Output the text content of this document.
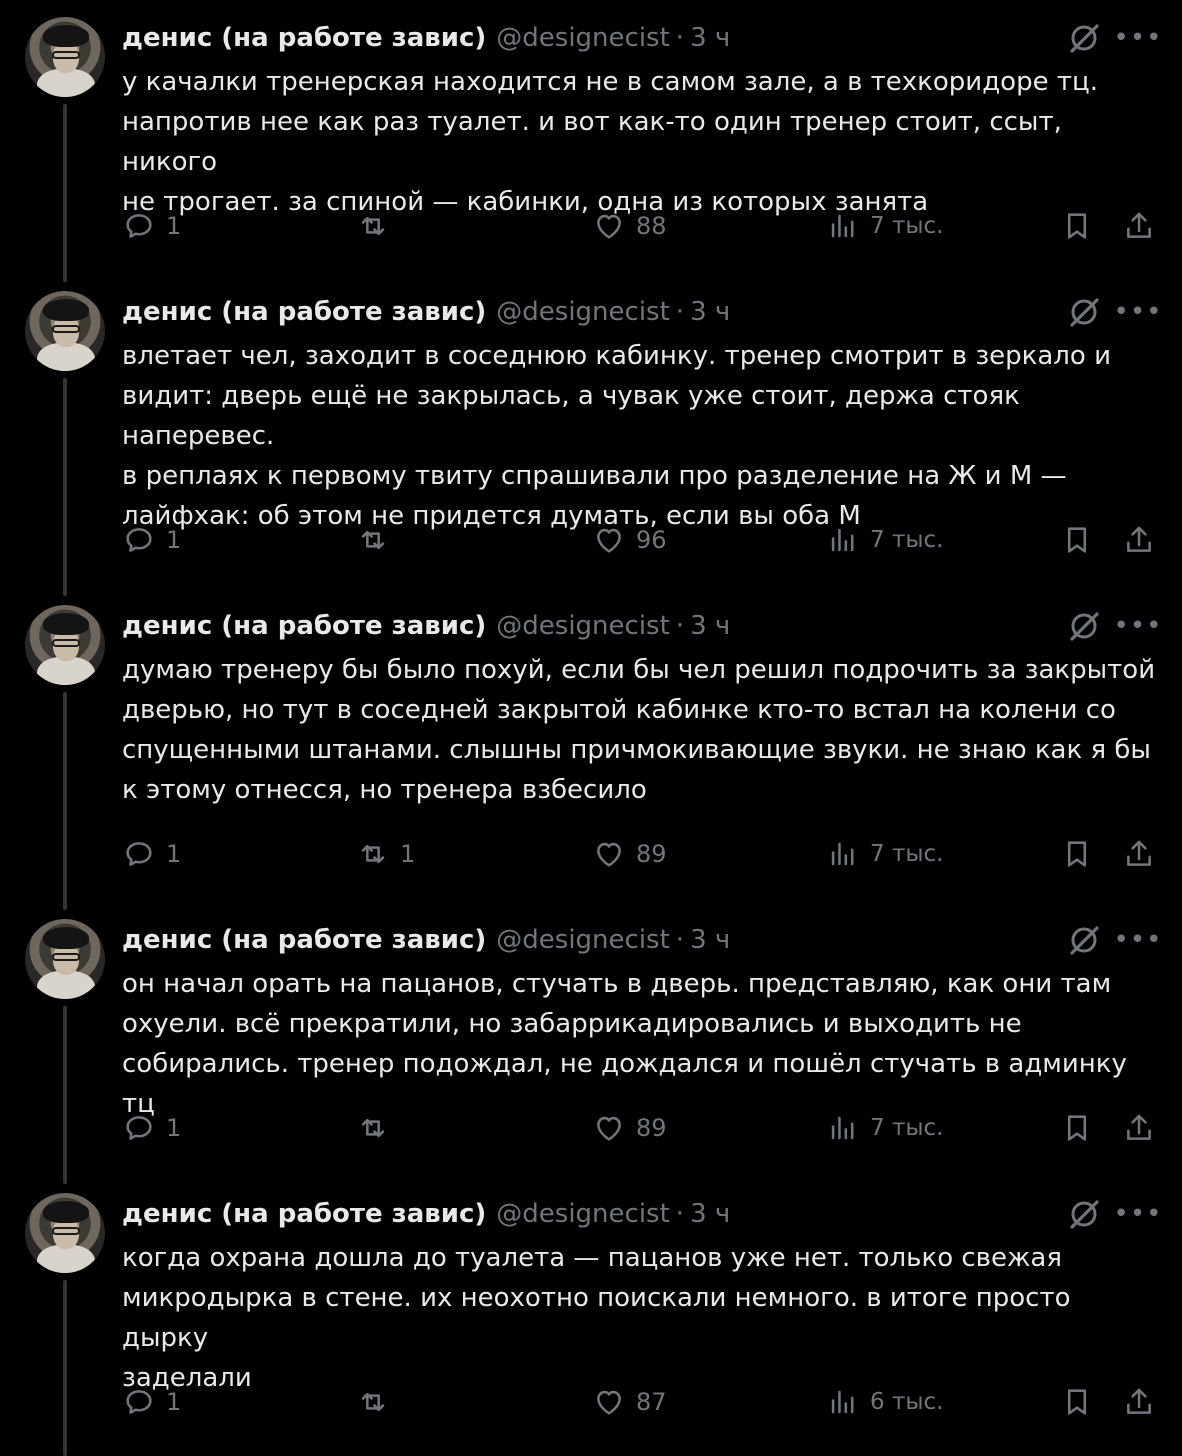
денис (на работе завис) @designecist · 3 ч	•••
у качалки тренерская находится не в самом зале, а в техкоридоре тц.
напротив нее как раз туалет. и вот как-то один тренер стоит, ссыт, никого
не трогает. за спиной — кабинки, одна из которых занята
1	88	7 тыс.
денис (на работе завис) @designecist · 3 ч	•••
влетает чел, заходит в соседнюю кабинку. тренер смотрит в зеркало и
видит: дверь ещё не закрылась, а чувак уже стоит, держа стояк наперевес.
в реплаях к первому твиту спрашивали про разделение на Ж и М —
лайфхак: об этом не придется думать, если вы оба М
1	96	7 тыс.
денис (на работе завис) @designecist · 3 ч	•••
думаю тренеру бы было похуй, если бы чел решил подрочить за закрытой
дверью, но тут в соседней закрытой кабинке кто-то встал на колени со
спущенными штанами. слышны причмокивающие звуки. не знаю как я бы
к этому отнесся, но тренера взбесило
1	1	89	7 тыс.
денис (на работе завис) @designecist · 3 ч	•••
он начал орать на пацанов, стучать в дверь. представляю, как они там
охуели. всё прекратили, но забаррикадировались и выходить не
собирались. тренер подождал, не дождался и пошёл стучать в админку тц
1	89	7 тыс.
денис (на работе завис) @designecist · 3 ч	•••
когда охрана дошла до туалета — пацанов уже нет. только свежая
микродырка в стене. их неохотно поискали немного. в итоге просто дырку
заделали
1	87	6 тыс.
